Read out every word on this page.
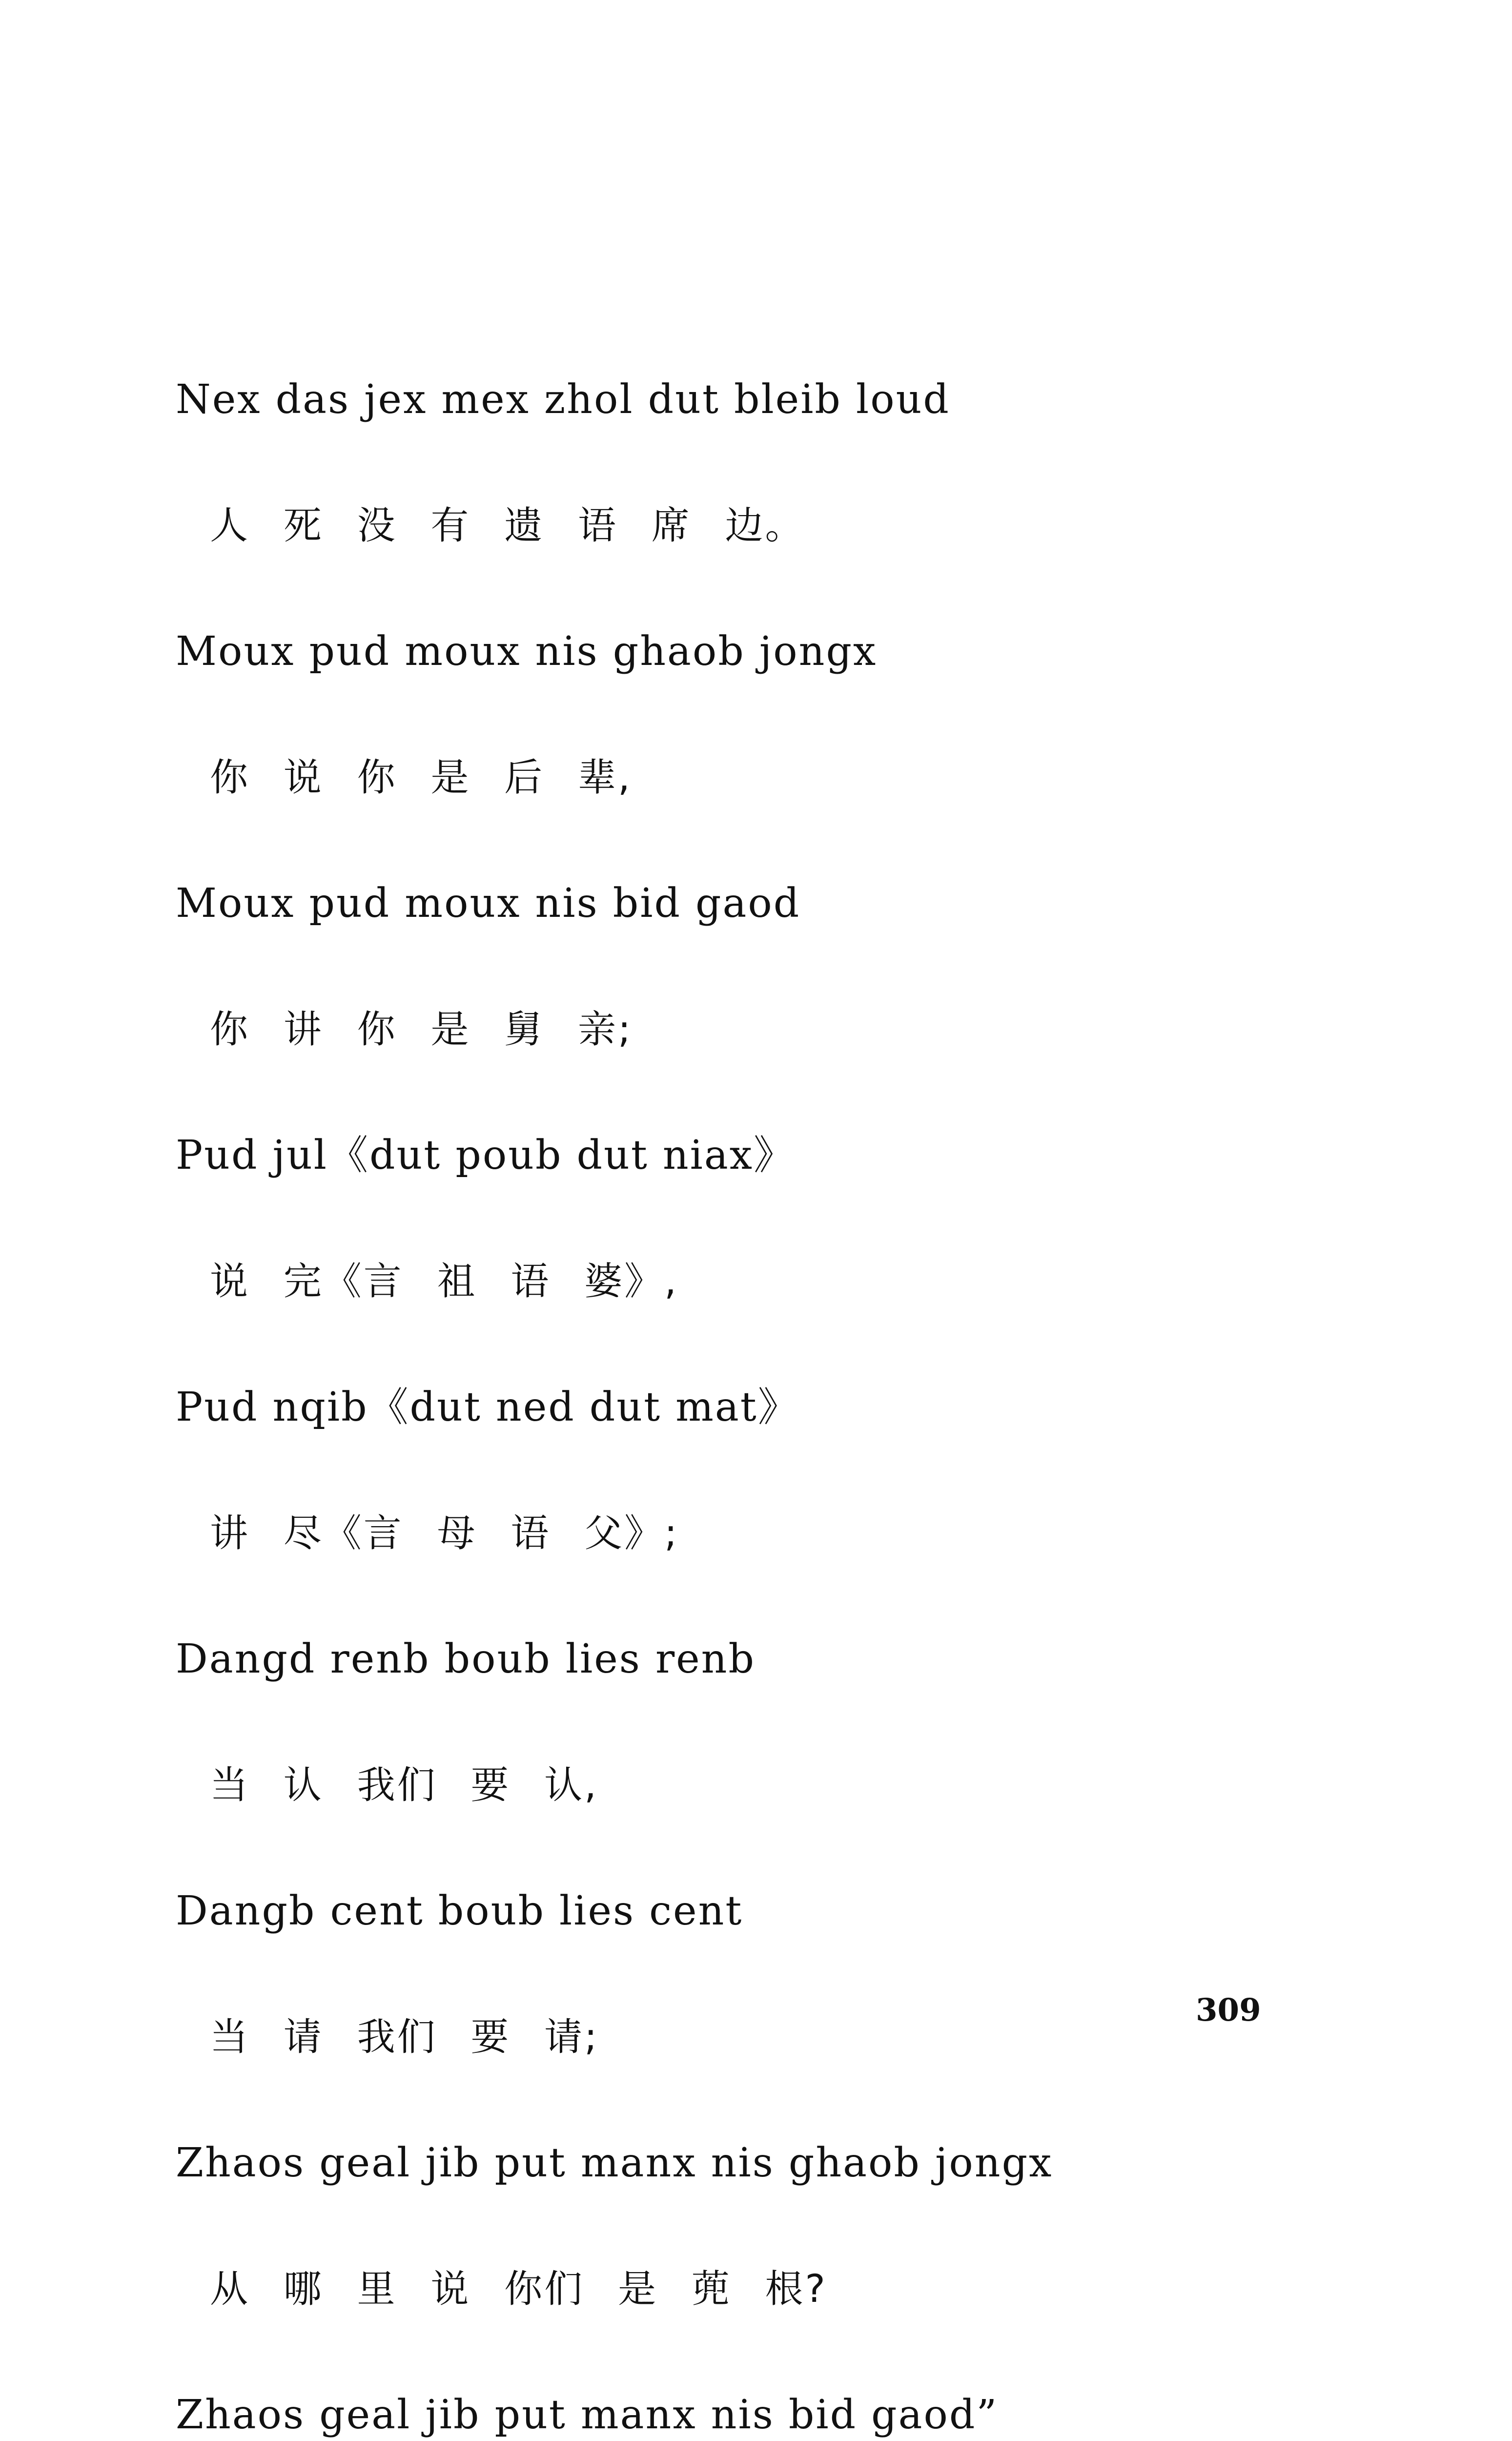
Nex das jex mex zhol dut bleib loud
人 死 没 有 遗 语 席 边。
Moux pud moux nis ghaob jongx
你 说 你 是 后 辈,
Moux pud moux nis bid gaod
你 讲 你 是 舅 亲;
Pud jul《dut poub dut niax》
说 完《言 祖 语 婆》,
Pud nqib《dut ned dut mat》
讲 尽《言 母 语 父》;
Dangd renb boub lies renb
当 认 我们 要 认,
Dangb cent boub lies cent
当 请 我们 要 请;
Zhaos geal jib put manx nis ghaob jongx
从 哪 里 说 你们 是 蔸 根?
Zhaos geal jib put manx nis bid gaod”
309
